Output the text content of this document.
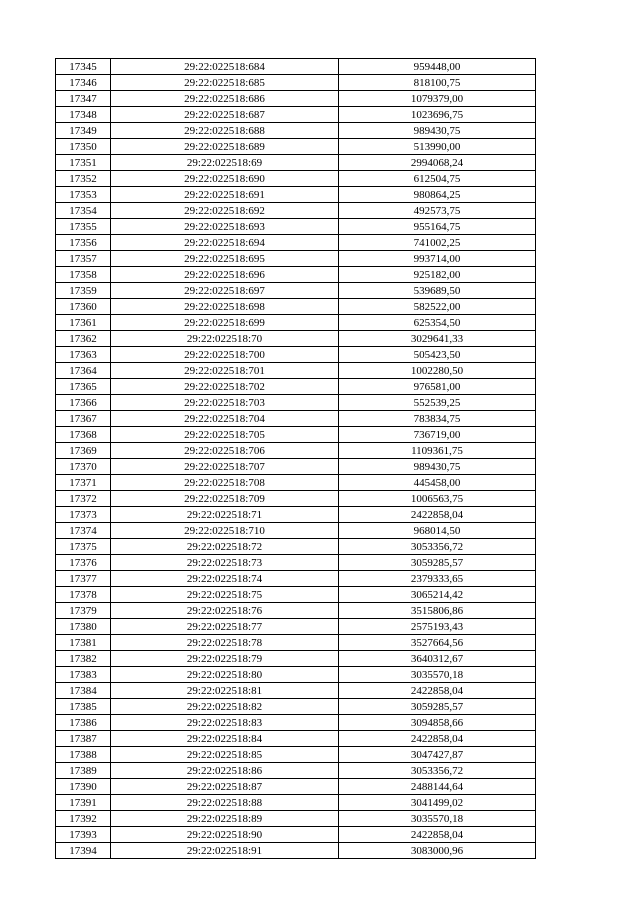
17345	29:22:022518:684	959448,00
17346	29:22:022518:685	818100,75
17347	29:22:022518:686	1079379,00
17348	29:22:022518:687	1023696,75
17349	29:22:022518:688	989430,75
17350	29:22:022518:689	513990,00
17351	29:22:022518:69	2994068,24
17352	29:22:022518:690	612504,75
17353	29:22:022518:691	980864,25
17354	29:22:022518:692	492573,75
17355	29:22:022518:693	955164,75
17356	29:22:022518:694	741002,25
17357	29:22:022518:695	993714,00
17358	29:22:022518:696	925182,00
17359	29:22:022518:697	539689,50
17360	29:22:022518:698	582522,00
17361	29:22:022518:699	625354,50
17362	29:22:022518:70	3029641,33
17363	29:22:022518:700	505423,50
17364	29:22:022518:701	1002280,50
17365	29:22:022518:702	976581,00
17366	29:22:022518:703	552539,25
17367	29:22:022518:704	783834,75
17368	29:22:022518:705	736719,00
17369	29:22:022518:706	1109361,75
17370	29:22:022518:707	989430,75
17371	29:22:022518:708	445458,00
17372	29:22:022518:709	1006563,75
17373	29:22:022518:71	2422858,04
17374	29:22:022518:710	968014,50
17375	29:22:022518:72	3053356,72
17376	29:22:022518:73	3059285,57
17377	29:22:022518:74	2379333,65
17378	29:22:022518:75	3065214,42
17379	29:22:022518:76	3515806,86
17380	29:22:022518:77	2575193,43
17381	29:22:022518:78	3527664,56
17382	29:22:022518:79	3640312,67
17383	29:22:022518:80	3035570,18
17384	29:22:022518:81	2422858,04
17385	29:22:022518:82	3059285,57
17386	29:22:022518:83	3094858,66
17387	29:22:022518:84	2422858,04
17388	29:22:022518:85	3047427,87
17389	29:22:022518:86	3053356,72
17390	29:22:022518:87	2488144,64
17391	29:22:022518:88	3041499,02
17392	29:22:022518:89	3035570,18
17393	29:22:022518:90	2422858,04
17394	29:22:022518:91	3083000,96
